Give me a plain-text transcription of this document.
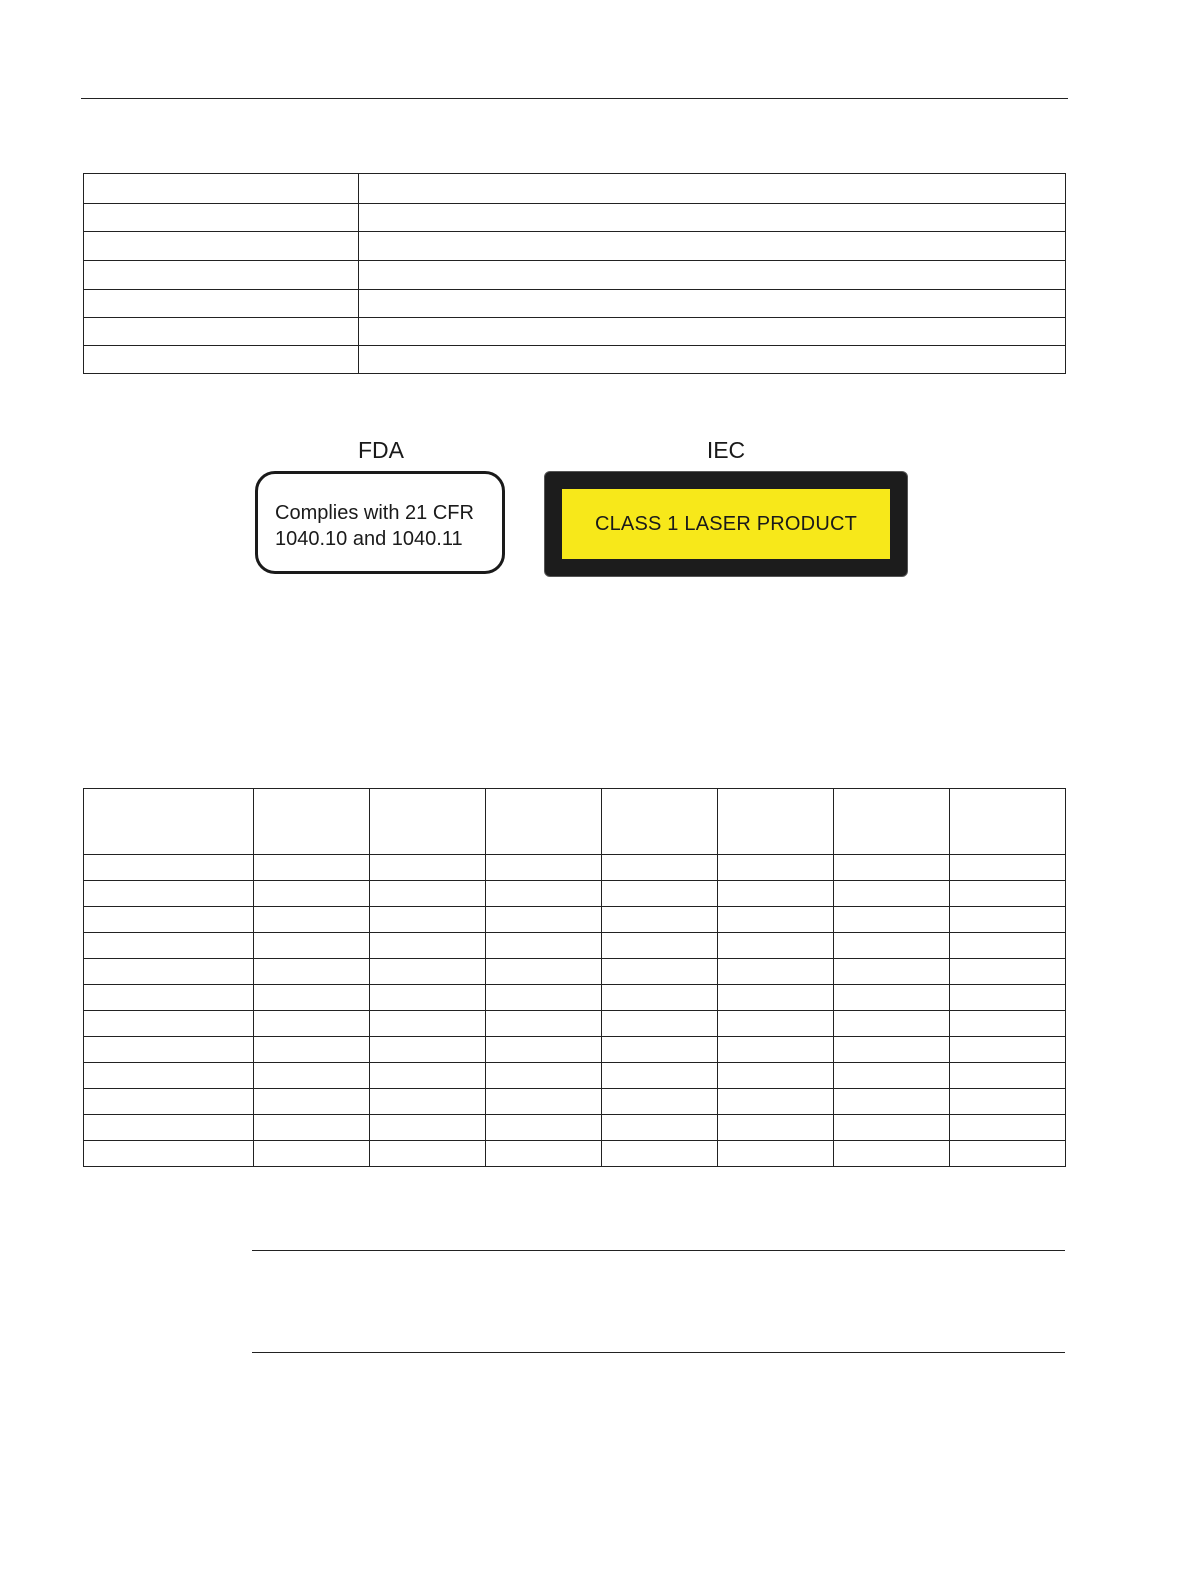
FDA	IEC
Complies with 21 CFR
1040.10 and 1040.11
CLASS 1 LASER PRODUCT
